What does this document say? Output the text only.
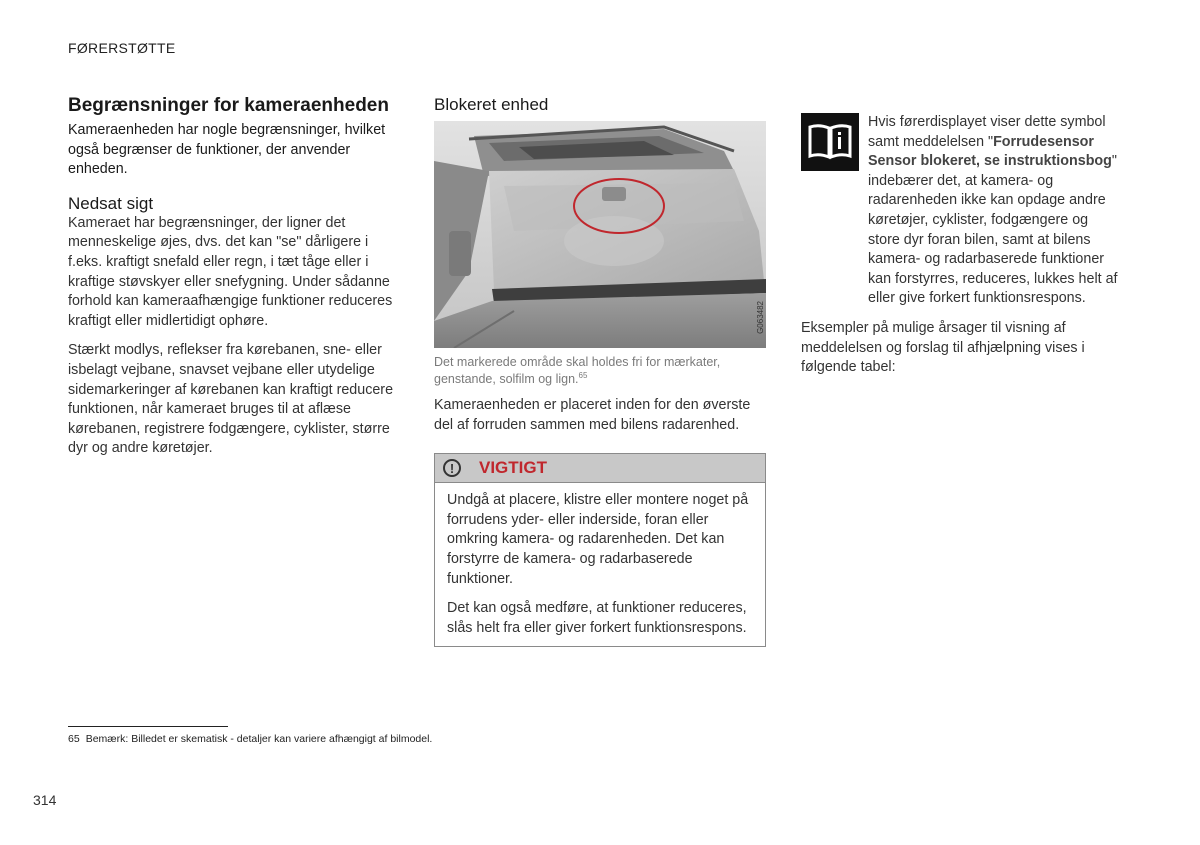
FØRERSTØTTE
Begrænsninger for kameraenheden

Kameraenheden har nogle begrænsninger, hvilket også begrænser de funktioner, der anvender enheden.

Nedsat sigt

Kameraet har begrænsninger, der ligner det menneskelige øjes, dvs. det kan "se" dårligere i f.eks. kraftigt snefald eller regn, i tæt tåge eller i kraftige støvskyer eller snefygning. Under sådanne forhold kan kameraafhængige funktioner reduceres kraftigt eller midlertidigt ophøre.

Stærkt modlys, reflekser fra kørebanen, sne- eller isbelagt vejbane, snavset vejbane eller utydelige sidemarkeringer af kørebanen kan kraftigt reducere funktionen, når kameraet bruges til at aflæse kørebanen, registrere fodgængere, cyklister, større dyr og andre køretøjer.

Blokeret enhed
G063482
Det markerede område skal holdes fri for mærkater, genstande, solfilm og lign.$^{65}$

Kameraenheden er placeret inden for den øverste del af forruden sammen med bilens radarenhed.

!	VIGTIGT

Undgå at placere, klistre eller montere noget på forrudens yder- eller inderside, foran eller omkring kamera- og radarenheden. Det kan forstyrre de kamera- og radarbaserede funktioner.

Det kan også medføre, at funktioner reduceres, slås helt fra eller giver forkert funktionsrespons.

Hvis førerdisplayet viser dette symbol samt meddelelsen "Forrudesensor Sensor blokeret, se instruktionsbog" indebærer det, at kamera- og radarenheden ikke kan opdage andre køretøjer, cyklister, fodgængere og store dyr foran bilen, samt at bilens kamera- og radarbaserede funktioner kan forstyrres, reduceres, lukkes helt af eller give forkert funktionsrespons.

Eksempler på mulige årsager til visning af meddelelsen og forslag til afhjælpning vises i følgende tabel:

65 Bemærk: Billedet er skematisk - detaljer kan variere afhængigt af bilmodel.
314
